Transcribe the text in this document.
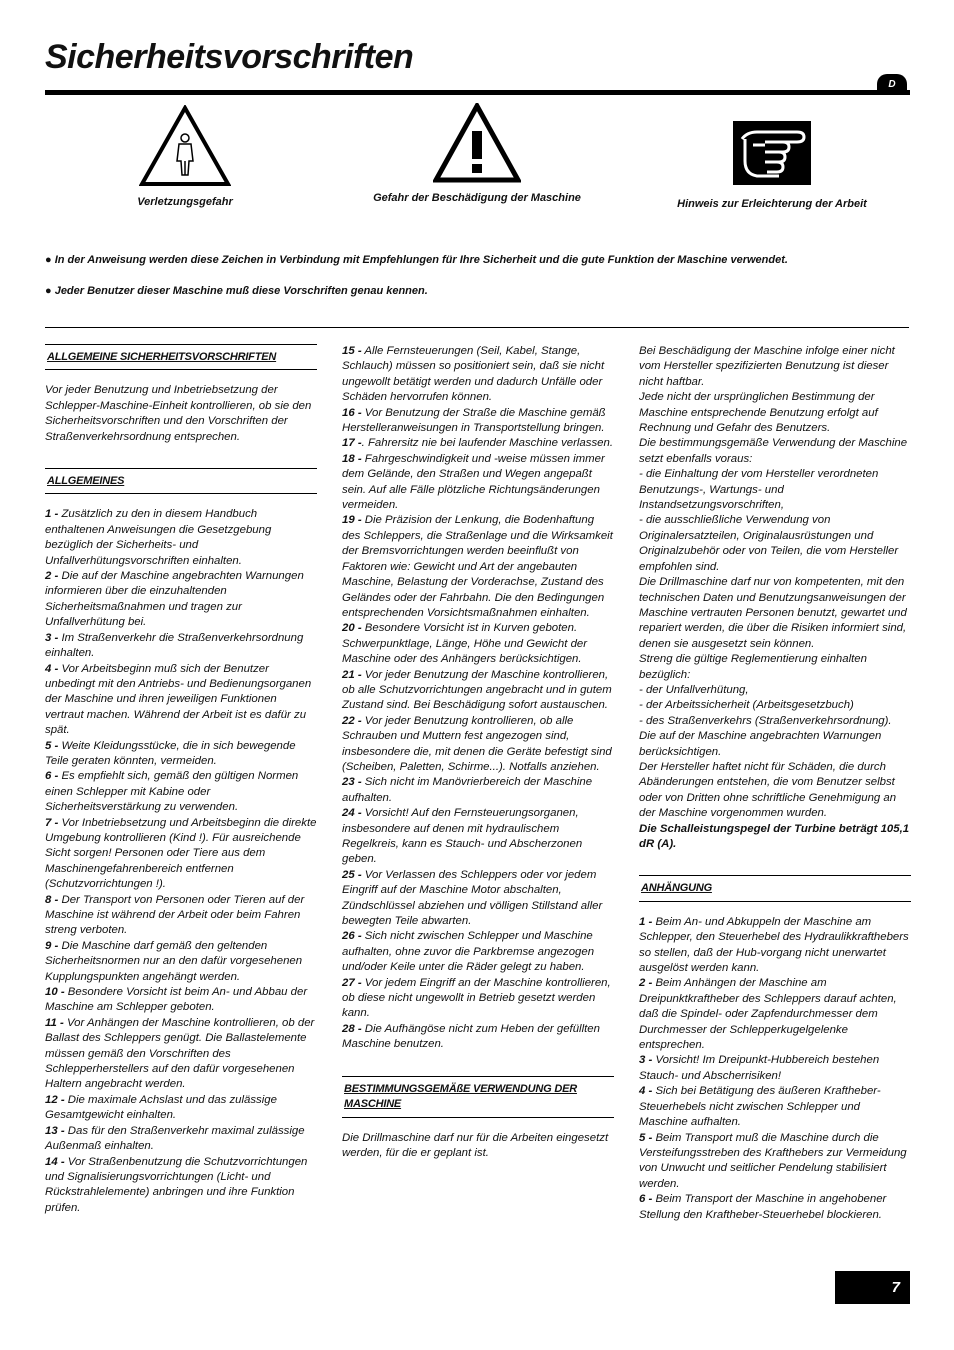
Sicherheitsvorschriften
D
Verletzungsgefahr	Gefahr der Beschädigung der Maschine	Hinweis zur Erleichterung der Arbeit
● In der Anweisung werden diese Zeichen in Verbindung mit Empfehlungen für Ihre Sicherheit und die gute Funktion der Maschine verwendet.
● Jeder Benutzer dieser Maschine muß diese Vorschriften genau kennen.
ALLGEMEINE SICHERHEITSVORSCHRIFTEN

Vor jeder Benutzung und Inbetriebsetzung der Schlepper-Maschine-Einheit kontrollieren, ob sie den Sicherheitsvorschriften und den Vorschriften der Straßenverkehrsordnung entsprechen.

ALLGEMEINES

1 - Zusätzlich zu den in diesem Handbuch enthaltenen Anweisungen die Gesetzgebung bezüglich der Sicherheits- und Unfallverhütungsvorschriften einhalten.

2 - Die auf der Maschine angebrachten Warnungen informieren über die einzuhaltenden Sicherheitsmaßnahmen und tragen zur Unfallverhütung bei.

3 - Im Straßenverkehr die Straßenverkehrsordnung einhalten.

4 - Vor Arbeitsbeginn muß sich der Benutzer unbedingt mit den Antriebs- und Bedienungsorganen der Maschine und ihren jeweiligen Funktionen vertraut machen. Während der Arbeit ist es dafür zu spät.

5 - Weite Kleidungsstücke, die in sich bewegende Teile geraten könnten, vermeiden.

6 - Es empfiehlt sich, gemäß den gültigen Normen einen Schlepper mit Kabine oder Sicherheitsverstärkung zu verwenden.

7 - Vor Inbetriebsetzung und Arbeitsbeginn die direkte Umgebung kontrollieren (Kind !). Für ausreichende Sicht sorgen! Personen oder Tiere aus dem Maschinengefahrenbereich entfernen (Schutzvorrichtungen !).

8 - Der Transport von Personen oder Tieren auf der Maschine ist während der Arbeit oder beim Fahren streng verboten.

9 - Die Maschine darf gemäß den geltenden Sicherheitsnormen nur an den dafür vorgesehenen Kupplungspunkten angehängt werden.

10 - Besondere Vorsicht ist beim An- und Abbau der Maschine am Schlepper geboten.

11 - Vor Anhängen der Maschine kontrollieren, ob der Ballast des Schleppers genügt. Die Ballastelemente müssen gemäß den Vorschriften des Schlepperherstellers auf den dafür vorgesehenen Haltern angebracht werden.

12 - Die maximale Achslast und das zulässige Gesamtgewicht einhalten.

13 - Das für den Straßenverkehr maximal zulässige Außenmaß einhalten.

14 - Vor Straßenbenutzung die Schutzvorrichtungen und Signalisierungsvorrichtungen (Licht- und Rückstrahlelemente) anbringen und ihre Funktion prüfen.

15 - Alle Fernsteuerungen (Seil, Kabel, Stange, Schlauch) müssen so positioniert sein, daß sie nicht ungewollt betätigt werden und dadurch Unfälle oder Schäden hervorrufen können.

16 - Vor Benutzung der Straße die Maschine gemäß Herstelleranweisungen in Transportstellung bringen.

17 -. Fahrersitz nie bei laufender Maschine verlassen.

18 - Fahrgeschwindigkeit und -weise müssen immer dem Gelände, den Straßen und Wegen angepaßt sein. Auf alle Fälle plötzliche Richtungsänderungen vermeiden.

19 - Die Präzision der Lenkung, die Bodenhaftung des Schleppers, die Straßenlage und die Wirksamkeit der Bremsvorrichtungen werden beeinflußt von Faktoren wie: Gewicht und Art der angebauten Maschine, Belastung der Vorderachse, Zustand des Geländes oder der Fahrbahn. Die den Bedingungen entsprechenden Vorsichtsmaßnahmen einhalten.

20 - Besondere Vorsicht ist in Kurven geboten. Schwerpunktlage, Länge, Höhe und Gewicht der Maschine oder des Anhängers berücksichtigen.

21 - Vor jeder Benutzung der Maschine kontrollieren, ob alle Schutzvorrichtungen angebracht und in gutem Zustand sind. Bei Beschädigung sofort austauschen.

22 - Vor jeder Benutzung kontrollieren, ob alle Schrauben und Muttern fest angezogen sind, insbesondere die, mit denen die Geräte befestigt sind (Scheiben, Paletten, Schirme...). Notfalls anziehen.

23 - Sich nicht im Manövrierbereich der Maschine aufhalten.

24 - Vorsicht! Auf den Fernsteuerungsorganen, insbesondere auf denen mit hydraulischem Regelkreis, kann es Stauch- und Abscherzonen geben.

25 - Vor Verlassen des Schleppers oder vor jedem Eingriff auf der Maschine Motor abschalten, Zündschlüssel abziehen und völligen Stillstand aller bewegten Teile abwarten.

26 - Sich nicht zwischen Schlepper und Maschine aufhalten, ohne zuvor die Parkbremse angezogen und/oder Keile unter die Räder gelegt zu haben.

27 - Vor jedem Eingriff an der Maschine kontrollieren, ob diese nicht ungewollt in Betrieb gesetzt werden kann.

28 - Die Aufhängöse nicht zum Heben der gefüllten Maschine benutzen.

BESTIMMUNGSGEMÄßE VERWENDUNG DER MASCHINE

Die Drillmaschine darf nur für die Arbeiten eingesetzt werden, für die er geplant ist.

Bei Beschädigung der Maschine infolge einer nicht vom Hersteller spezifizierten Benutzung ist dieser nicht haftbar.

Jede nicht der ursprünglichen Bestimmung der Maschine entsprechende Benutzung erfolgt auf Rechnung und Gefahr des Benutzers.

Die bestimmungsgemäße Verwendung der Maschine setzt ebenfalls voraus:

- die Einhaltung der vom Hersteller verordneten Benutzungs-, Wartungs- und Instandsetzungsvorschriften,

- die ausschließliche Verwendung von Originalersatzteilen, Originalausrüstungen und Originalzubehör oder von Teilen, die vom Hersteller empfohlen sind.

Die Drillmaschine darf nur von kompetenten, mit den technischen Daten und Benutzungsanweisungen der Maschine vertrauten Personen benutzt, gewartet und repariert werden, die über die Risiken informiert sind, denen sie ausgesetzt sein können.

Streng die gültige Reglementierung einhalten bezüglich:

- der Unfallverhütung,

- der Arbeitssicherheit (Arbeitsgesetzbuch)

- des Straßenverkehrs (Straßenverkehrsordnung).

Die auf der Maschine angebrachten Warnungen berücksichtigen.

Der Hersteller haftet nicht für Schäden, die durch Abänderungen entstehen, die vom Benutzer selbst oder von Dritten ohne schriftliche Genehmigung an der Maschine vorgenommen wurden.

Die Schalleistungspegel der Turbine beträgt 105,1 dR (A).

ANHÄNGUNG

1 - Beim An- und Abkuppeln der Maschine am Schlepper, den Steuerhebel des Hydraulikkrafthebers so stellen, daß der Hub-vorgang nicht unerwartet ausgelöst werden kann.

2 - Beim Anhängen der Maschine am Dreipunktkraftheber des Schleppers darauf achten, daß die Spindel- oder Zapfendurchmesser dem Durchmesser der Schlepperkugelgelenke entsprechen.

3 - Vorsicht! Im Dreipunkt-Hubbereich bestehen Stauch- und Abscherrisiken!

4 - Sich bei Betätigung des äußeren Kraftheber-Steuerhebels nicht zwischen Schlepper und Maschine aufhalten.

5 - Beim Transport muß die Maschine durch die Versteifungsstreben des Krafthebers zur Vermeidung von Unwucht und seitlicher Pendelung stabilisiert werden.

6 - Beim Transport der Maschine in angehobener Stellung den Kraftheber-Steuerhebel blockieren.

7
